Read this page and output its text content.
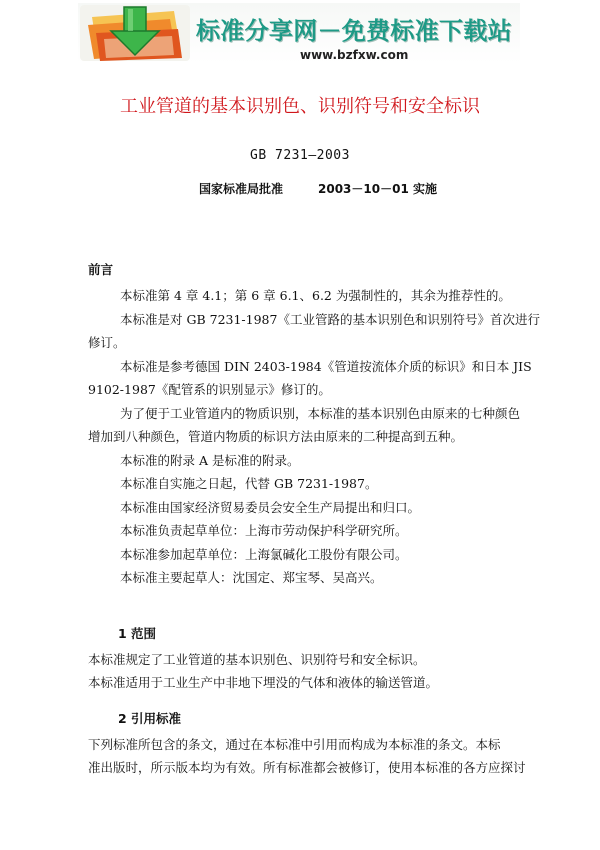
标准分享网－免费标准下载站
www.bzfxw.com
工业管道的基本识别色、识别符号和安全标识
GB 7231—2003
国家标准局批准	2003－10－01 实施
前言
本标准第 4 章 4.1；第 6 章 6.1、6.2 为强制性的，其余为推荐性的。
本标准是对 GB 7231-1987《工业管路的基本识别色和识别符号》首次进行
修订。
本标准是参考德国 DIN 2403-1984《管道按流体介质的标识》和日本 JIS
9102-1987《配管系的识别显示》修订的。
为了便于工业管道内的物质识别，本标准的基本识别色由原来的七种颜色
增加到八种颜色，管道内物质的标识方法由原来的二种提高到五种。
本标准的附录 A 是标准的附录。
本标准自实施之日起，代替 GB 7231-1987。
本标准由国家经济贸易委员会安全生产局提出和归口。
本标准负责起草单位：上海市劳动保护科学研究所。
本标准参加起草单位：上海氯碱化工股份有限公司。
本标准主要起草人：沈国定、郑宝琴、吴高兴。
1 范围
本标准规定了工业管道的基本识别色、识别符号和安全标识。
本标准适用于工业生产中非地下埋没的气体和液体的输送管道。
2 引用标准
下列标准所包含的条文，通过在本标准中引用而构成为本标准的条文。本标
准出版时，所示版本均为有效。所有标准都会被修订，使用本标准的各方应探讨
